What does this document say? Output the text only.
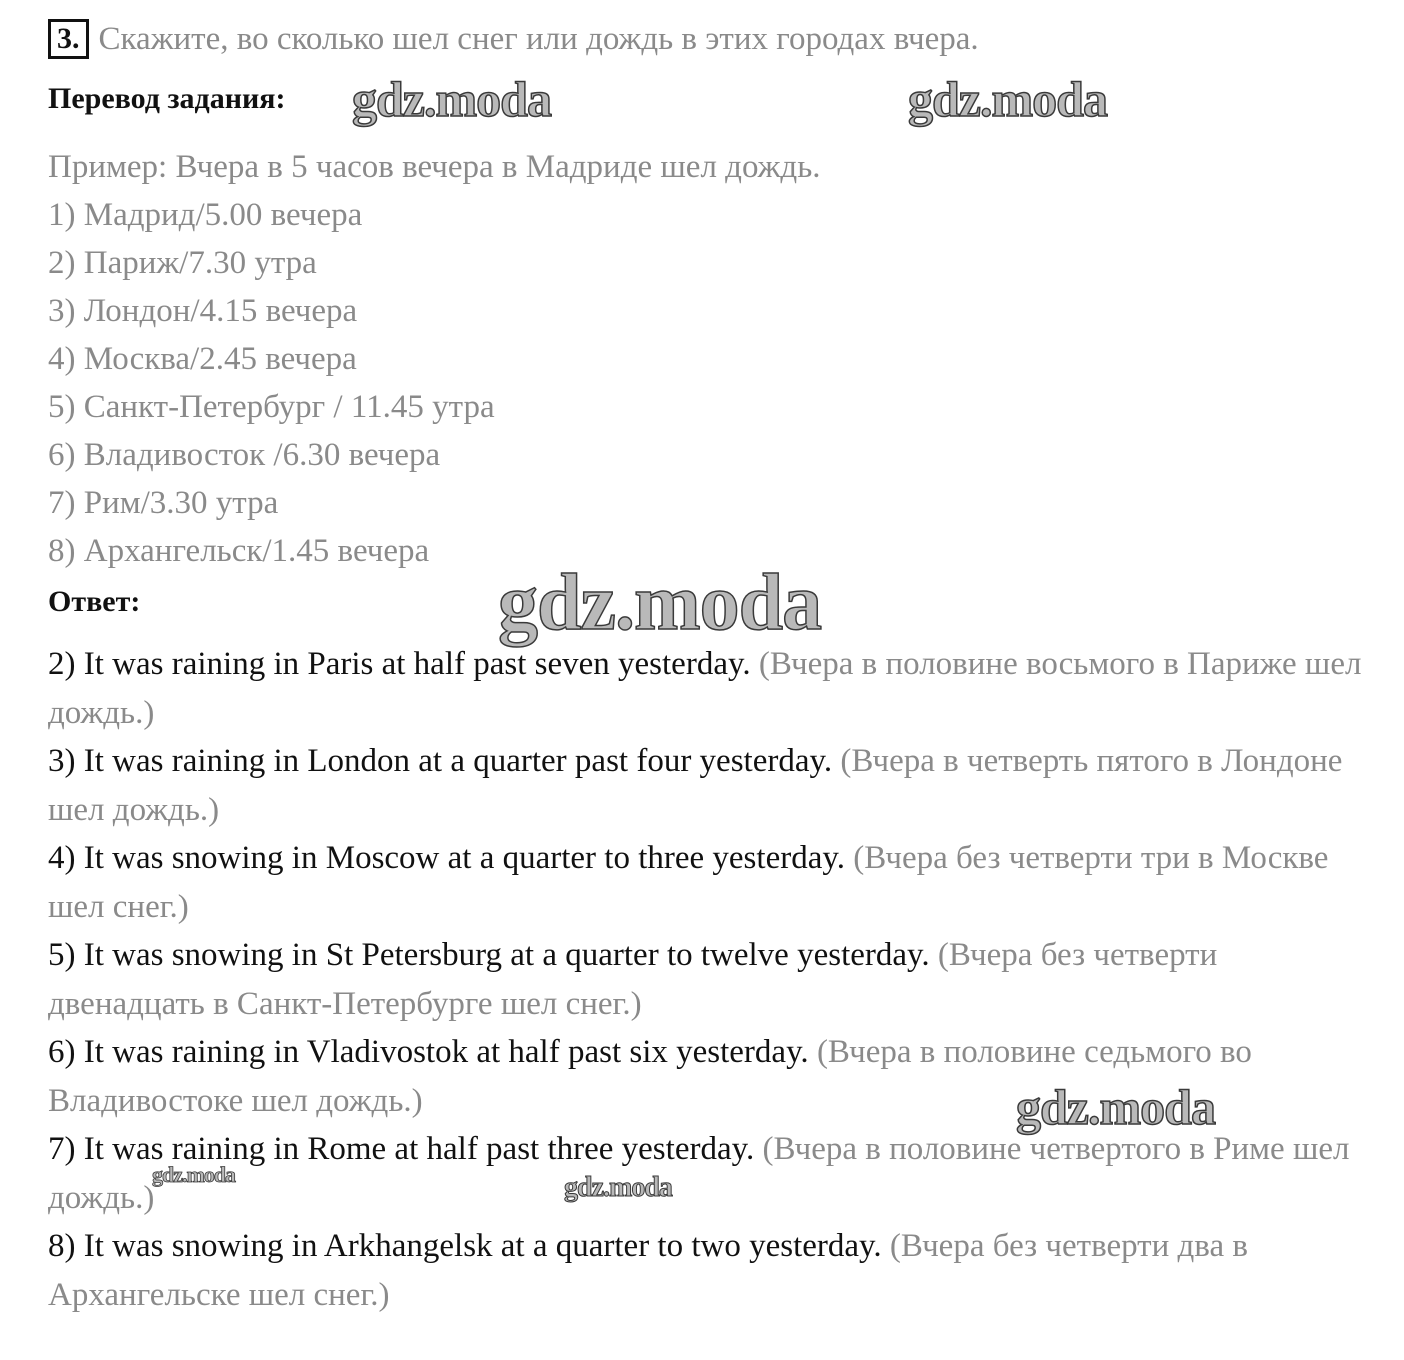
3. Скажите, во сколько шел снег или дождь в этих городах вчера.
Перевод задания:
Пример: Вчера в 5 часов вечера в Мадриде шел дождь.
1) Мадрид/5.00 вечера
2) Париж/7.30 утра
3) Лондон/4.15 вечера
4) Москва/2.45 вечера
5) Санкт-Петербург / 11.45 утра
6) Владивосток /6.30 вечера
7) Рим/3.30 утра
8) Архангельск/1.45 вечера
Ответ:
2) It was raining in Paris at half past seven yesterday. (Вчера в половине восьмого в Париже шел дождь.)
3) It was raining in London at a quarter past four yesterday. (Вчера в четверть пятого в Лондоне шел дождь.)
4) It was snowing in Moscow at a quarter to three yesterday. (Вчера без четверти три в Москве шел снег.)
5) It was snowing in St Petersburg at a quarter to twelve yesterday. (Вчера без четверти двенадцать в Санкт-Петербурге шел снег.)
6) It was raining in Vladivostok at half past six yesterday. (Вчера в половине седьмого во Владивостоке шел дождь.)
7) It was raining in Rome at half past three yesterday. (Вчера в половине четвертого в Риме шел дождь.)
8) It was snowing in Arkhangelsk at a quarter to two yesterday. (Вчера без четверти два в Архангельске шел снег.)
gdz.moda	gdz.moda
gdz.moda
gdz.moda
gdz.moda	gdz.moda
